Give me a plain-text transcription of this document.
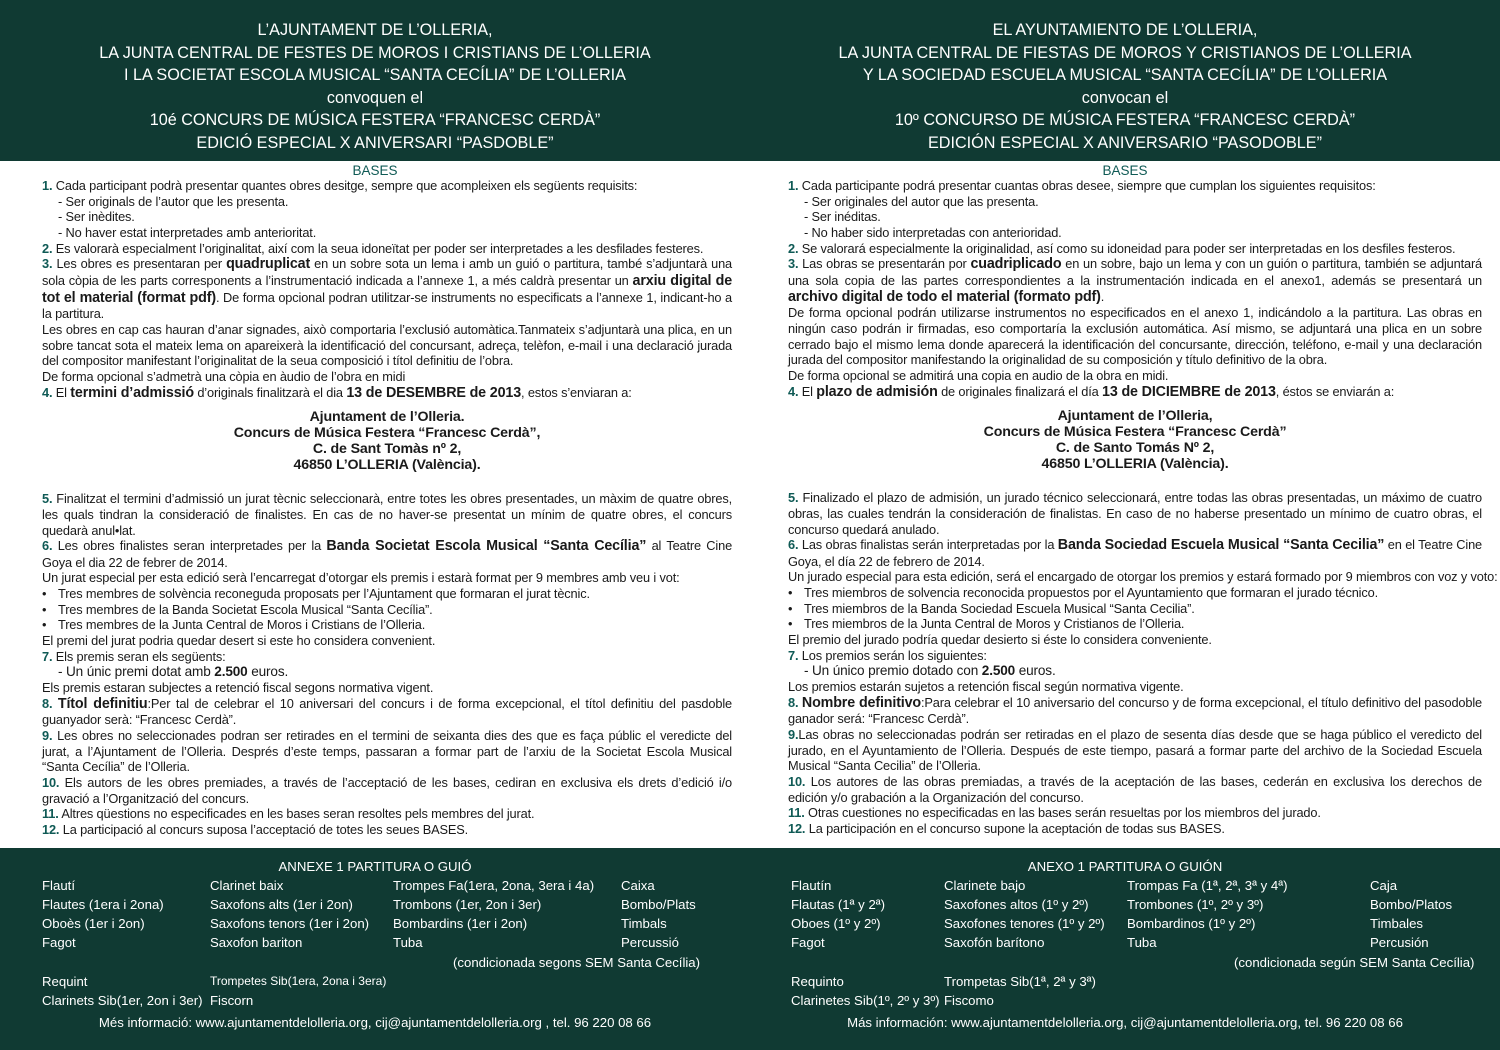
L’AJUNTAMENT DE L’OLLERIA,
LA JUNTA CENTRAL DE FESTES DE MOROS I CRISTIANS DE L’OLLERIA
I LA SOCIETAT ESCOLA MUSICAL “SANTA CECÍLIA” DE L’OLLERIA
convoquen el
10é CONCURS DE MÚSICA FESTERA “FRANCESC CERDÀ”
EDICIÓ ESPECIAL X ANIVERSARI “PASDOBLE”
BASES

1. Cada participant podrà presentar quantes obres desitge, sempre que acompleixen els següents requisits:

- Ser originals de l’autor que les presenta.

- Ser inèdites.

- No haver estat interpretades amb anterioritat.

2. Es valorarà especialment l’originalitat, així com la seua idoneïtat per poder ser interpretades a les desfilades festeres.

3. Les obres es presentaran per quadruplicat en un sobre sota un lema i amb un guió o partitura, també s’adjuntarà una sola còpia de les parts corresponents a l’instrumentació indicada a l’annexe 1, a més caldrà presentar un arxiu digital de tot el material (format pdf). De forma opcional podran utilitzar-se instruments no especificats a l’annexe 1, indicant-ho a la partitura.

Les obres en cap cas hauran d’anar signades, això comportaria l’exclusió automàtica.Tanmateix s’adjuntarà una plica, en un sobre tancat sota el mateix lema on apareixerà la identificació del concursant, adreça, telèfon, e-mail i una declaració jurada del compositor manifestant l’originalitat de la seua composició i títol definitiu de l’obra.

De forma opcional s’admetrà una còpia en àudio de l’obra en midi

4. El termini d’admissió d’originals finalitzarà el dia 13 de DESEMBRE de 2013, estos s’enviaran a:

Ajuntament de l’Olleria.
Concurs de Música Festera “Francesc Cerdà”,
C. de Sant Tomàs nº 2,
46850 L’OLLERIA (València).

5. Finalitzat el termini d’admissió un jurat tècnic seleccionarà, entre totes les obres presentades, un màxim de quatre obres, les quals tindran la consideració de finalistes. En cas de no haver-se presentat un mínim de quatre obres, el concurs quedarà anul•lat.

6. Les obres finalistes seran interpretades per la Banda Societat Escola Musical “Santa Cecília” al Teatre Cine Goya el dia 22 de febrer de 2014.

Un jurat especial per esta edició serà l’encarregat d’otorgar els premis i estarà format per 9 membres amb veu i vot:

• Tres membres de solvència reconeguda proposats per l’Ajuntament que formaran el jurat tècnic.

• Tres membres de la Banda Societat Escola Musical “Santa Cecília”.

• Tres membres de la Junta Central de Moros i Cristians de l’Olleria.

El premi del jurat podria quedar desert si este ho considera convenient.

7. Els premis seran els següents:

- Un únic premi dotat amb 2.500 euros.

Els premis estaran subjectes a retenció fiscal segons normativa vigent.

8. Títol definitiu:Per tal de celebrar el 10 aniversari del concurs i de forma excepcional, el títol definitiu del pasdoble guanyador serà: “Francesc Cerdà”.

9. Les obres no seleccionades podran ser retirades en el termini de seixanta dies des que es faça públic el veredicte del jurat, a l’Ajuntament de l’Olleria. Després d’este temps, passaran a formar part de l’arxiu de la Societat Escola Musical “Santa Cecília” de l’Olleria.

10. Els autors de les obres premiades, a través de l’acceptació de les bases, cediran en exclusiva els drets d’edició i/o gravació a l’Organització del concurs.

11. Altres qüestions no especificades en les bases seran resoltes pels membres del jurat.

12. La participació al concurs suposa l’acceptació de totes les seues BASES.

ANNEXE 1 PARTITURA O GUIÓ
Flautí
Flautes (1era i 2ona)
Oboès (1er i 2on)
Fagot
Clarinet baix
Saxofons alts (1er i 2on)
Saxofons tenors (1er i 2on)
Saxofon bariton
Trompes Fa(1era, 2ona, 3era i 4a)
Trombons (1er, 2on i 3er)
Bombardins (1er i 2on)
Tuba
Caixa
Bombo/Plats
Timbals
Percussió
(condicionada segons SEM Santa Cecília)
Requint	Trompetes Sib(1era, 2ona i 3era)
Clarinets Sib(1er, 2on i 3er) Fiscorn
Més informació: www.ajuntamentdelolleria.org, cij@ajuntamentdelolleria.org , tel. 96 220 08 66
EL AYUNTAMIENTO DE L’OLLERIA,
LA JUNTA CENTRAL DE FIESTAS DE MOROS Y CRISTIANOS DE L’OLLERIA
Y LA SOCIEDAD ESCUELA MUSICAL “SANTA CECÍLIA” DE L’OLLERIA
convocan el
10º CONCURSO DE MÚSICA FESTERA “FRANCESC CERDÀ”
EDICIÓN ESPECIAL X ANIVERSARIO “PASODOBLE”
BASES

1. Cada participante podrá presentar cuantas obras desee, siempre que cumplan los siguientes requisitos:

- Ser originales del autor que las presenta.

- Ser inéditas.

- No haber sido interpretadas con anterioridad.

2. Se valorará especialmente la originalidad, así como su idoneidad para poder ser interpretadas en los desfiles festeros.

3. Las obras se presentarán por cuadriplicado en un sobre, bajo un lema y con un guión o partitura, también se adjuntará una sola copia de las partes correspondientes a la instrumentación indicada en el anexo1, además se presentará un archivo digital de todo el material (formato pdf).

De forma opcional podrán utilizarse instrumentos no especificados en el anexo 1, indicándolo a la partitura. Las obras en ningún caso podrán ir firmadas, eso comportaría la exclusión automática. Así mismo, se adjuntará una plica en un sobre cerrado bajo el mismo lema donde aparecerá la identificación del concursante, dirección, teléfono, e-mail y una declaración jurada del compositor manifestando la originalidad de su composición y título definitivo de la obra.

De forma opcional se admitirá una copia en audio de la obra en midi.

4. El plazo de admisión de originales finalizará el día 13 de DICIEMBRE de 2013, éstos se enviarán a:

Ajuntament de l’Olleria,
Concurs de Música Festera “Francesc Cerdà”
C. de Santo Tomás Nº 2,
46850 L’OLLERIA (València).

5. Finalizado el plazo de admisión, un jurado técnico seleccionará, entre todas las obras presentadas, un máximo de cuatro obras, las cuales tendrán la consideración de finalistas. En caso de no haberse presentado un mínimo de cuatro obras, el concurso quedará anulado.

6. Las obras finalistas serán interpretadas por la Banda Sociedad Escuela Musical “Santa Cecilia” en el Teatre Cine Goya, el día 22 de febrero de 2014.

Un jurado especial para esta edición, será el encargado de otorgar los premios y estará formado por 9 miembros con voz y voto:

• Tres miembros de solvencia reconocida propuestos por el Ayuntamiento que formaran el jurado técnico.

• Tres miembros de la Banda Sociedad Escuela Musical “Santa Cecilia”.

• Tres miembros de la Junta Central de Moros y Cristianos de l’Olleria.

El premio del jurado podría quedar desierto si éste lo considera conveniente.

7. Los premios serán los siguientes:

- Un único premio dotado con 2.500 euros.

Los premios estarán sujetos a retención fiscal según normativa vigente.

8. Nombre definitivo:Para celebrar el 10 aniversario del concurso y de forma excepcional, el título definitivo del pasodoble ganador será: “Francesc Cerdà”.

9.Las obras no seleccionadas podrán ser retiradas en el plazo de sesenta días desde que se haga público el veredicto del jurado, en el Ayuntamiento de l’Olleria. Después de este tiempo, pasará a formar parte del archivo de la Sociedad Escuela Musical “Santa Cecilia” de l’Olleria.

10. Los autores de las obras premiadas, a través de la aceptación de las bases, cederán en exclusiva los derechos de edición y/o grabación a la Organización del concurso.

11. Otras cuestiones no especificadas en las bases serán resueltas por los miembros del jurado.

12. La participación en el concurso supone la aceptación de todas sus BASES.

ANEXO 1 PARTITURA O GUIÓN
Flautín
Flautas (1ª y 2ª)
Oboes (1º y 2º)
Fagot
Clarinete bajo
Saxofones altos (1º y 2º)
Saxofones tenores (1º y 2º)
Saxofón barítono
Trompas Fa (1ª, 2ª, 3ª y 4ª)
Trombones (1º, 2º y 3º)
Bombardinos (1º y 2º)
Tuba
Caja
Bombo/Platos
Timbales
Percusión
(condicionada según SEM Santa Cecília)
Requinto	Trompetas Sib(1ª, 2ª y 3ª)
Clarinetes Sib(1º, 2º y 3º) Fiscomo
Más información: www.ajuntamentdelolleria.org, cij@ajuntamentdelolleria.org, tel. 96 220 08 66
